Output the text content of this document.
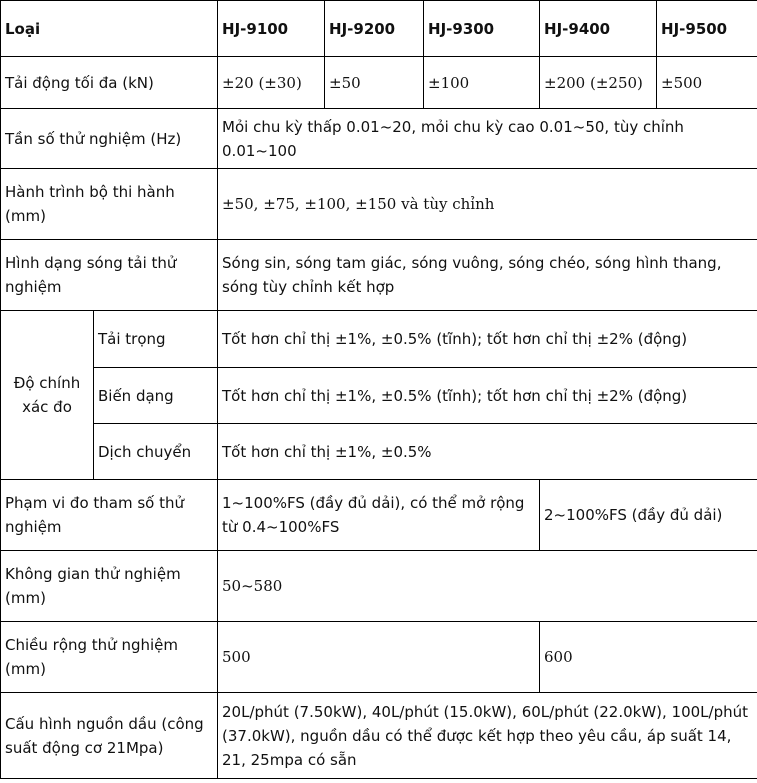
Loại		HJ-9100	HJ-9200	HJ-9300	HJ-9400	HJ-9500
Tải động tối đa (kN)		±20 (±30)	±50	±100	±200 (±250)	±500
Tần số thử nghiệm (Hz)		Mỏi chu kỳ thấp 0.01~20, mỏi chu kỳ cao 0.01~50, tùy chỉnh 0.01~100				
Hành trình bộ thi hành (mm)		±50, ±75, ±100, ±150 và tùy chỉnh				
Hình dạng sóng tải thử nghiệm		Sóng sin, sóng tam giác, sóng vuông, sóng chéo, sóng hình thang, sóng tùy chỉnh kết hợp				
Độ chính xác đo	Tải trọng	Tốt hơn chỉ thị ±1%, ±0.5% (tĩnh); tốt hơn chỉ thị ±2% (động)				
	Biến dạng	Tốt hơn chỉ thị ±1%, ±0.5% (tĩnh); tốt hơn chỉ thị ±2% (động)				
	Dịch chuyển	Tốt hơn chỉ thị ±1%, ±0.5%				
Phạm vi đo tham số thử nghiệm		1~100%FS (đầy đủ dải), có thể mở rộng từ 0.4~100%FS			2~100%FS (đầy đủ dải)	
Không gian thử nghiệm (mm)		50~580				
Chiều rộng thử nghiệm (mm)		500			600	
Cấu hình nguồn dầu (công suất động cơ 21Mpa)		20L/phút (7.50kW), 40L/phút (15.0kW), 60L/phút (22.0kW), 100L/phút (37.0kW), nguồn dầu có thể được kết hợp theo yêu cầu, áp suất 14, 21, 25mpa có sẵn				
